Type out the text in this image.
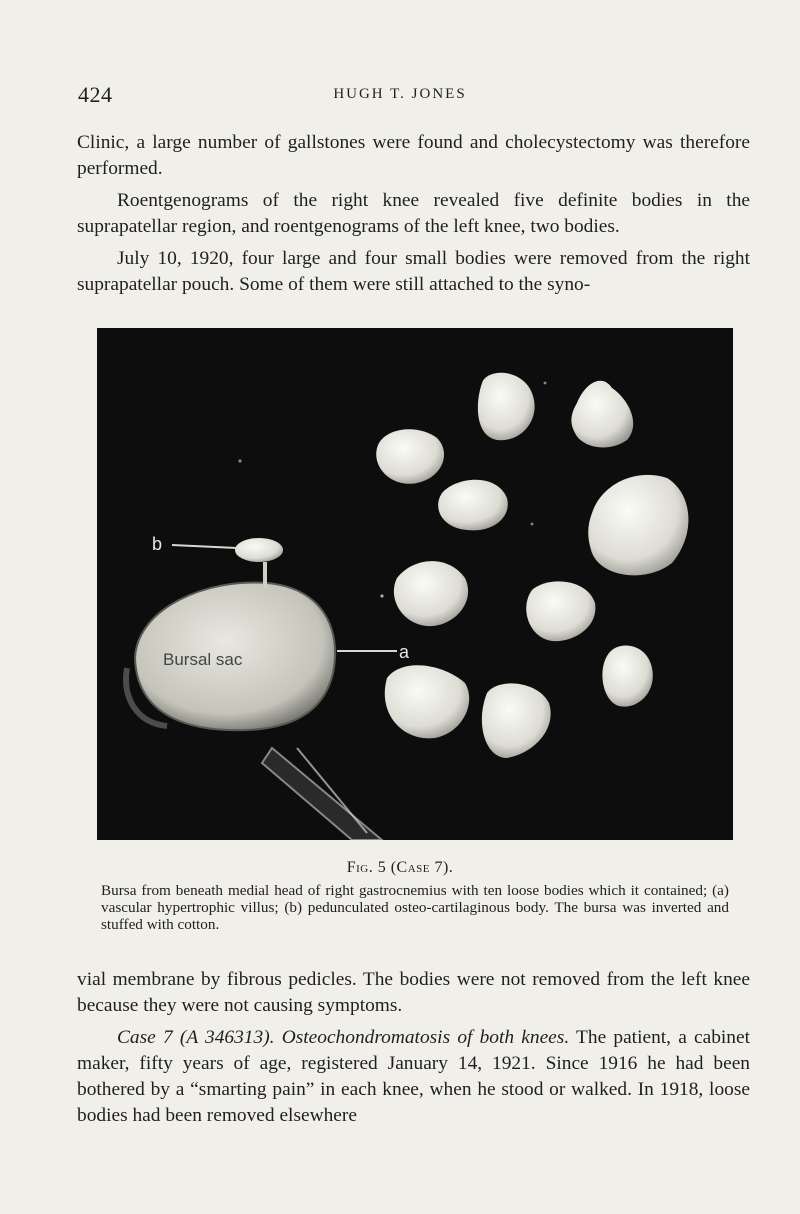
424	HUGH T. JONES

Clinic, a large number of gallstones were found and cholecystectomy was therefore performed.

Roentgenograms of the right knee revealed five definite bodies in the suprapatellar region, and roentgenograms of the left knee, two bodies.

July 10, 1920, four large and four small bodies were removed from the right suprapatellar pouch. Some of them were still attached to the syno-

Bursal sac
b
a
Fig. 5 (Case 7).
Bursa from beneath medial head of right gastrocnemius with ten loose bodies which it contained; (a) vascular hypertrophic villus; (b) pedunculated osteo-cartilaginous body. The bursa was inverted and stuffed with cotton.

vial membrane by fibrous pedicles. The bodies were not removed from the left knee because they were not causing symptoms.

Case 7 (A 346313). Osteochondromatosis of both knees. The patient, a cabinet maker, fifty years of age, registered January 14, 1921. Since 1916 he had been bothered by a “smarting pain” in each knee, when he stood or walked. In 1918, loose bodies had been removed elsewhere
